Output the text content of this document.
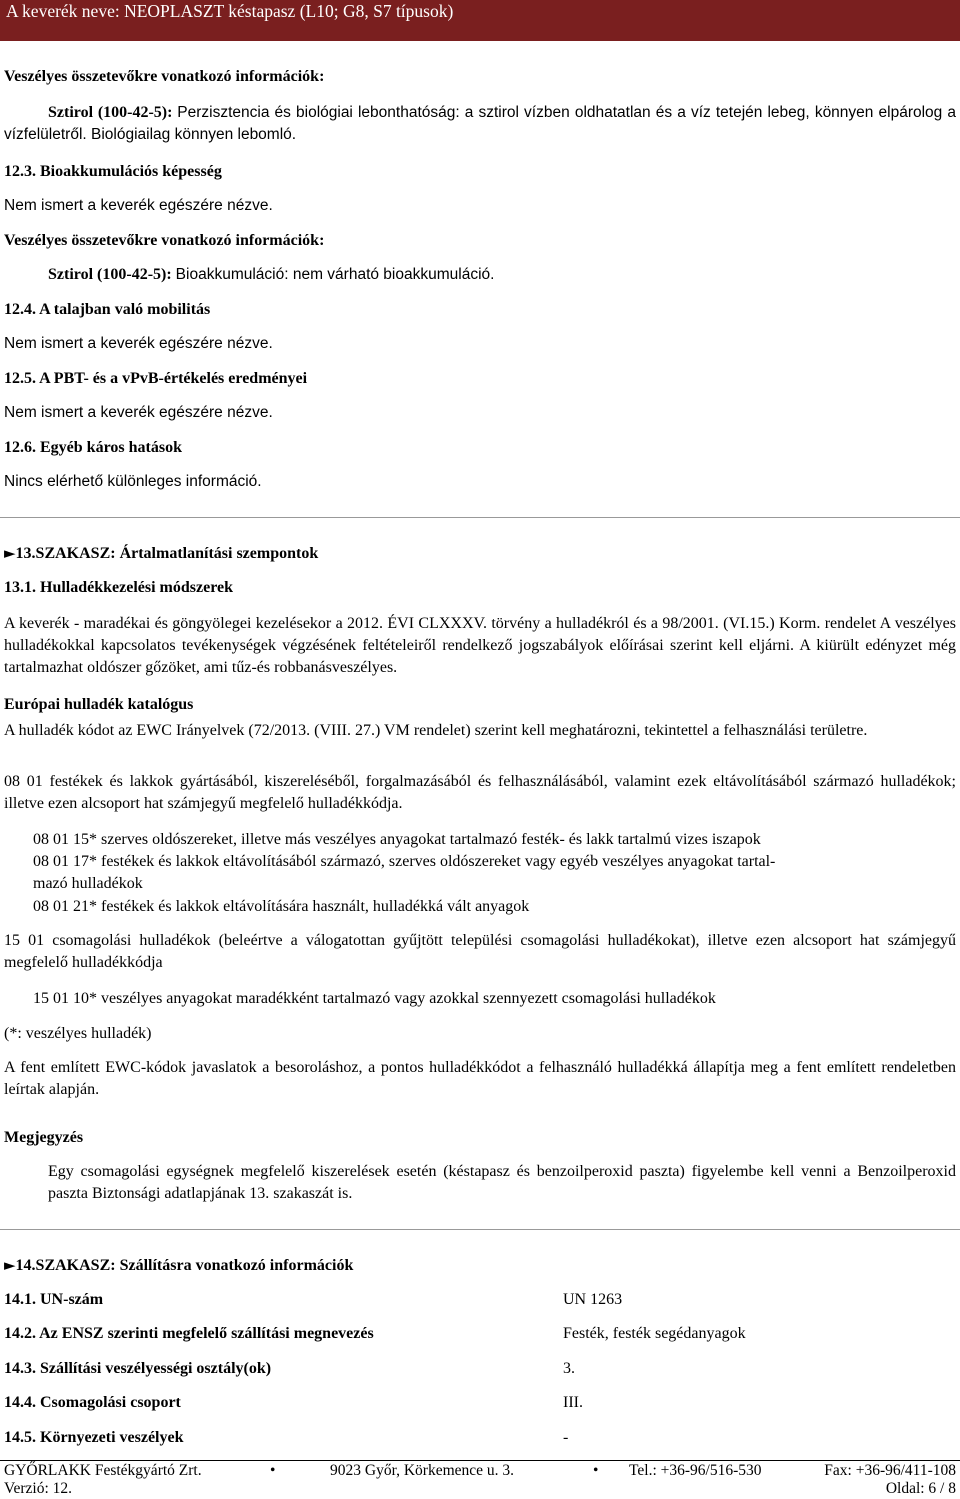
A keverék neve: NEOPLASZT késtapasz (L10; G8, S7 típusok)
Veszélyes összetevőkre vonatkozó információk:
Sztirol (100-42-5): Perzisztencia és biológiai lebonthatóság: a sztirol vízben oldhatatlan és a víz tetején lebeg, könnyen elpárolog a vízfelületről. Biológiailag könnyen lebomló.
12.3. Bioakkumulációs képesség
Nem ismert a keverék egészére nézve.
Veszélyes összetevőkre vonatkozó információk:
Sztirol (100-42-5): Bioakkumuláció: nem várható bioakkumuláció.
12.4. A talajban való mobilitás
Nem ismert a keverék egészére nézve.
12.5. A PBT- és a vPvB-értékelés eredményei
Nem ismert a keverék egészére nézve.
12.6. Egyéb káros hatások
Nincs elérhető különleges információ.
►13.SZAKASZ: Ártalmatlanítási szempontok
13.1. Hulladékkezelési módszerek
A keverék - maradékai és göngyölegei kezelésekor a 2012. ÉVI CLXXXV. törvény a hulladékról és a 98/2001. (VI.15.) Korm. rendelet A veszélyes hulladékokkal kapcsolatos tevékenységek végzésének feltételeiről rendelkező jogszabályok előírásai szerint kell eljárni. A kiürült edényzet még tartalmazhat oldószer gőzöket, ami tűz-és robbanásveszélyes.
Európai hulladék katalógus
A hulladék kódot az EWC Irányelvek (72/2013. (VIII. 27.) VM rendelet) szerint kell meghatározni, tekintettel a felhasználási területre.
08 01 festékek és lakkok gyártásából, kiszereléséből, forgalmazásából és felhasználásából, valamint ezek eltávolításából származó hulladékok; illetve ezen alcsoport hat számjegyű megfelelő hulladékkódja.
08 01 15* szerves oldószereket, illetve más veszélyes anyagokat tartalmazó festék- és lakk tartalmú vizes iszapok
08 01 17* festékek és lakkok eltávolításából származó, szerves oldószereket vagy egyéb veszélyes anyagokat tartal-
mazó hulladékok
08 01 21* festékek és lakkok eltávolítására használt, hulladékká vált anyagok
15 01 csomagolási hulladékok (beleértve a válogatottan gyűjtött települési csomagolási hulladékokat), illetve ezen alcsoport hat számjegyű megfelelő hulladékkódja
15 01 10* veszélyes anyagokat maradékként tartalmazó vagy azokkal szennyezett csomagolási hulladékok
(*: veszélyes hulladék)
A fent említett EWC-kódok javaslatok a besoroláshoz, a pontos hulladékkódot a felhasználó hulladékká állapítja meg a fent említett rendeletben leírtak alapján.
Megjegyzés
Egy csomagolási egységnek megfelelő kiszerelések esetén (késtapasz és benzoilperoxid paszta) figyelembe kell venni a Benzoilperoxid paszta Biztonsági adatlapjának 13. szakaszát is.
►14.SZAKASZ: Szállításra vonatkozó információk
14.1. UN-szám	UN 1263
14.2. Az ENSZ szerinti megfelelő szállítási megnevezés	Festék, festék segédanyagok
14.3. Szállítási veszélyességi osztály(ok)	3.
14.4. Csomagolási csoport	III.
14.5. Környezeti veszélyek	-
GYŐRLAKK Festékgyártó Zrt.	•	9023 Győr, Körkemence u. 3.	• Tel.: +36-96/516-530	Fax: +36-96/411-108
Verzió: 12.	Oldal: 6 / 8
